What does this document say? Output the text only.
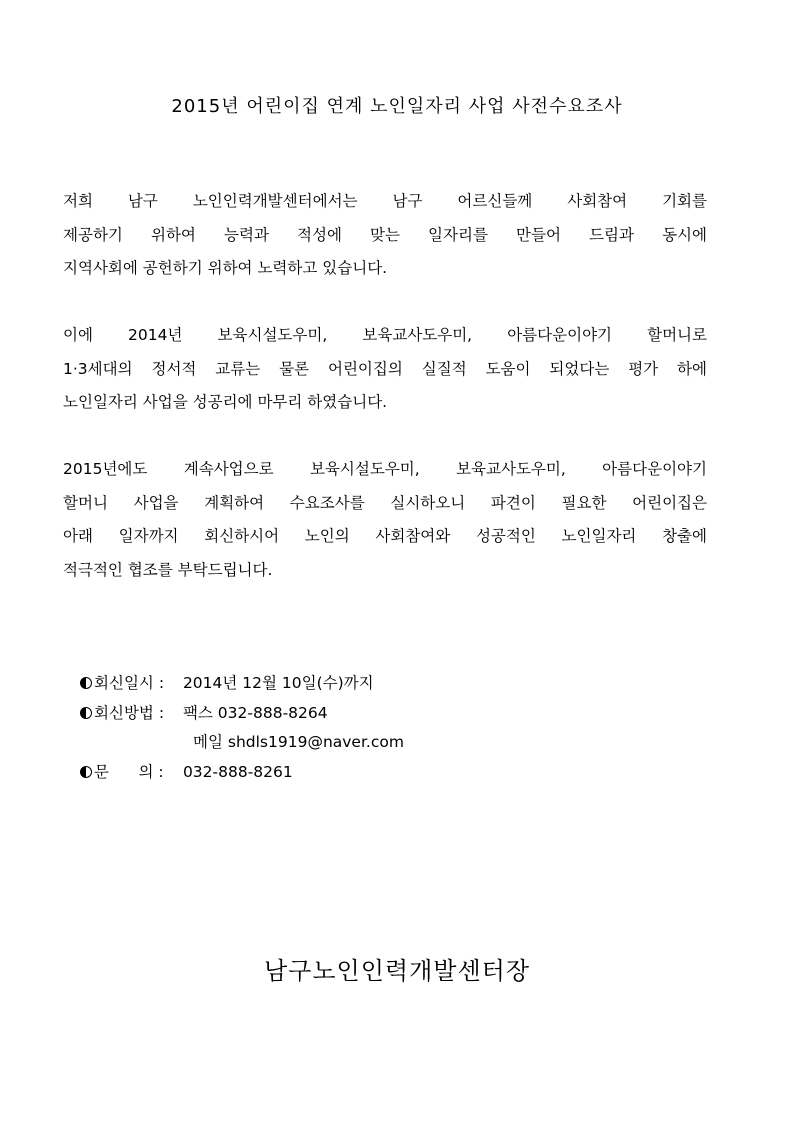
2015년 어린이집 연계 노인일자리 사업 사전수요조사
저희 남구 노인인력개발센터에서는 남구 어르신들께 사회참여 기회를
제공하기 위하여 능력과 적성에 맞는 일자리를 만들어 드림과 동시에
지역사회에 공헌하기 위하여 노력하고 있습니다.
이에 2014년 보육시설도우미, 보육교사도우미, 아름다운이야기 할머니로
1·3세대의 정서적 교류는 물론 어린이집의 실질적 도움이 되었다는 평가 하에
노인일자리 사업을 성공리에 마무리 하였습니다.
2015년에도 계속사업으로 보육시설도우미, 보육교사도우미, 아름다운이야기
할머니 사업을 계획하여 수요조사를 실시하오니 파견이 필요한 어린이집은
아래 일자까지 회신하시어 노인의 사회참여와 성공적인 노인일자리 창출에
적극적인 협조를 부탁드립니다.
회신일시 : 2014년 12월 10일(수)까지
회신방법 : 팩스 032-888-8264
메일 shdls1919@naver.com
문      의 : 032-888-8261
남구노인인력개발센터장
